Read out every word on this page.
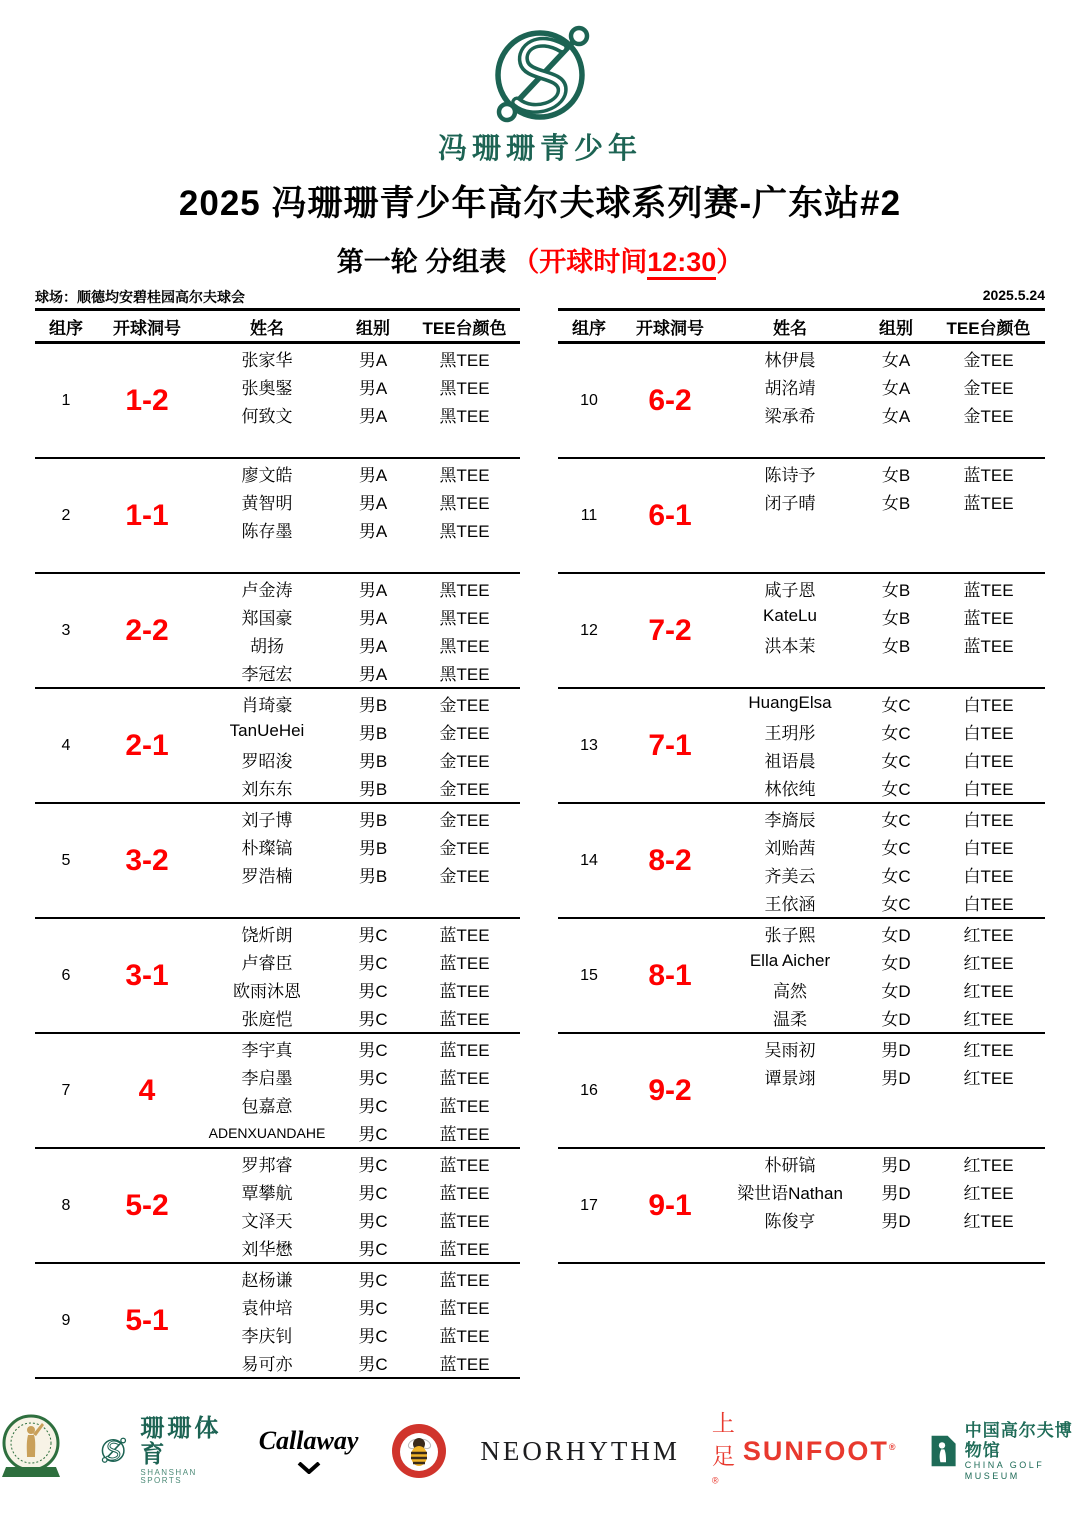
冯珊珊青少年
2025 冯珊珊青少年高尔夫球系列赛-广东站#2
第一轮 分组表 （开球时间12:30）
球场：顺德均安碧桂园高尔夫球会	2025.5.24
组序	开球洞号	姓名	组别	TEE台颜色
1	1-2
张家华	男A	黑TEE
张奥鋻	男A	黑TEE
何致文	男A	黑TEE
2	1-1
廖文皓	男A	黑TEE
黄智明	男A	黑TEE
陈存墨	男A	黑TEE
3	2-2
卢金涛	男A	黑TEE
郑国豪	男A	黑TEE
胡扬	男A	黑TEE
李冠宏	男A	黑TEE
4	2-1
肖琦豪	男B	金TEE
TanUeHei	男B	金TEE
罗昭浚	男B	金TEE
刘东东	男B	金TEE
5	3-2
刘子博	男B	金TEE
朴璨镐	男B	金TEE
罗浩楠	男B	金TEE
6	3-1
饶炘朗	男C	蓝TEE
卢睿臣	男C	蓝TEE
欧雨沐恩	男C	蓝TEE
张庭恺	男C	蓝TEE
7	4
李宇真	男C	蓝TEE
李启墨	男C	蓝TEE
包嘉意	男C	蓝TEE
ADENXUANDAHE	男C	蓝TEE
8	5-2
罗邦睿	男C	蓝TEE
覃攀航	男C	蓝TEE
文泽天	男C	蓝TEE
刘华懋	男C	蓝TEE
9	5-1
赵杨谦	男C	蓝TEE
袁仲培	男C	蓝TEE
李庆钊	男C	蓝TEE
易可亦	男C	蓝TEE
组序	开球洞号	姓名	组别	TEE台颜色
10	6-2
林伊晨	女A	金TEE
胡洺靖	女A	金TEE
梁承希	女A	金TEE
11	6-1
陈诗予	女B	蓝TEE
闭子晴	女B	蓝TEE
12	7-2
咸子恩	女B	蓝TEE
KateLu	女B	蓝TEE
洪本茉	女B	蓝TEE
13	7-1
HuangElsa	女C	白TEE
王玥彤	女C	白TEE
祖语晨	女C	白TEE
林依纯	女C	白TEE
14	8-2
李旖辰	女C	白TEE
刘贻茜	女C	白TEE
齐美云	女C	白TEE
王依涵	女C	白TEE
15	8-1
张子熙	女D	红TEE
Ella Aicher	女D	红TEE
高然	女D	红TEE
温柔	女D	红TEE
16	9-2
吴雨初	男D	红TEE
谭景翊	男D	红TEE
17	9-1
朴研镐	男D	红TEE
梁世语Nathan	男D	红TEE
陈俊亨	男D	红TEE
珊珊体育
SHANSHAN SPORTS
Callaway	NEORHYTHM
上足®
SUNFOOT®
中国高尔夫博物馆
CHINA GOLF MUSEUM
